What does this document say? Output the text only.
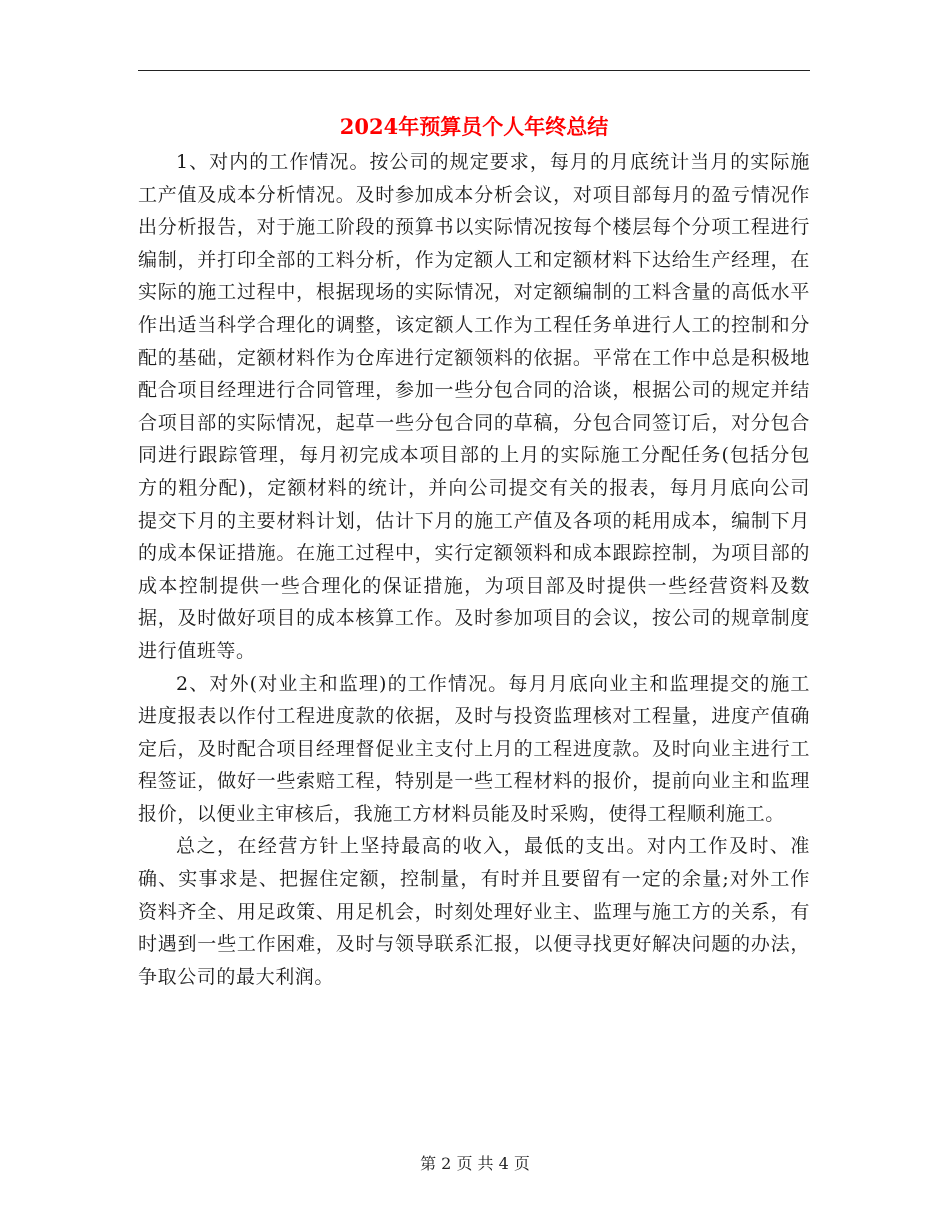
2024年预算员个人年终总结

1、对内的工作情况。按公司的规定要求，每月的月底统计当月的实际施工产值及成本分析情况。及时参加成本分析会议，对项目部每月的盈亏情况作出分析报告，对于施工阶段的预算书以实际情况按每个楼层每个分项工程进行编制，并打印全部的工料分析，作为定额人工和定额材料下达给生产经理，在实际的施工过程中，根据现场的实际情况，对定额编制的工料含量的高低水平作出适当科学合理化的调整，该定额人工作为工程任务单进行人工的控制和分配的基础，定额材料作为仓库进行定额领料的依据。平常在工作中总是积极地配合项目经理进行合同管理，参加一些分包合同的洽谈，根据公司的规定并结合项目部的实际情况，起草一些分包合同的草稿，分包合同签订后，对分包合同进行跟踪管理，每月初完成本项目部的上月的实际施工分配任务(包括分包方的粗分配)，定额材料的统计，并向公司提交有关的报表，每月月底向公司提交下月的主要材料计划，估计下月的施工产值及各项的耗用成本，编制下月的成本保证措施。在施工过程中，实行定额领料和成本跟踪控制，为项目部的成本控制提供一些合理化的保证措施，为项目部及时提供一些经营资料及数据，及时做好项目的成本核算工作。及时参加项目的会议，按公司的规章制度进行值班等。

2、对外(对业主和监理)的工作情况。每月月底向业主和监理提交的施工进度报表以作付工程进度款的依据，及时与投资监理核对工程量，进度产值确定后，及时配合项目经理督促业主支付上月的工程进度款。及时向业主进行工程签证，做好一些索赔工程，特别是一些工程材料的报价，提前向业主和监理报价，以便业主审核后，我施工方材料员能及时采购，使得工程顺利施工。

总之，在经营方针上坚持最高的收入，最低的支出。对内工作及时、准确、实事求是、把握住定额，控制量，有时并且要留有一定的余量;对外工作资料齐全、用足政策、用足机会，时刻处理好业主、监理与施工方的关系，有时遇到一些工作困难，及时与领导联系汇报，以便寻找更好解决问题的办法，争取公司的最大利润。

第 2 页 共 4 页
